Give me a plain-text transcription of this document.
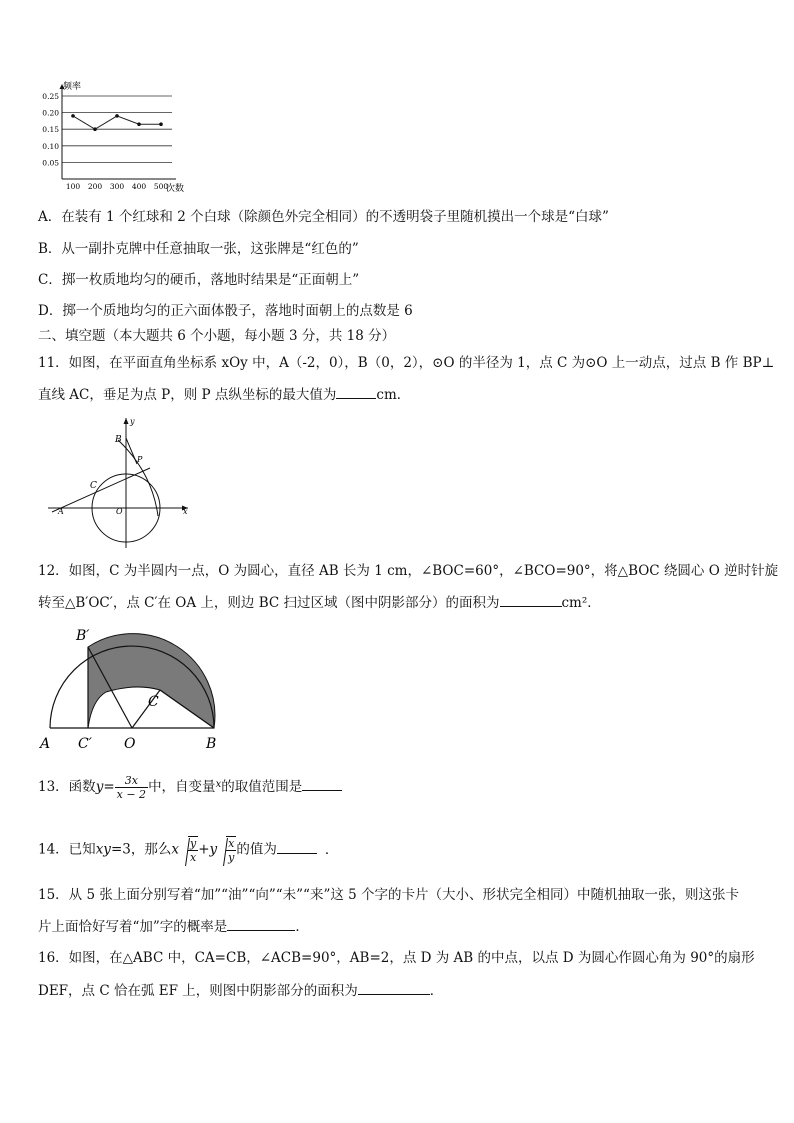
0.25
0.20
0.15
0.10
0.05
100 200 300 400 500
频率
次数
A．在装有 1 个红球和 2 个白球（除颜色外完全相同）的不透明袋子里随机摸出一个球是“白球”
B．从一副扑克牌中任意抽取一张，这张牌是“红色的”
C．掷一枚质地均匀的硬币，落地时结果是“正面朝上”
D．掷一个质地均匀的正六面体骰子，落地时面朝上的点数是 6
二、填空题（本大题共 6 个小题，每小题 3 分，共 18 分）
11．如图，在平面直角坐标系 xOy 中，A（-2，0），B（0，2），⊙O 的半径为 1，点 C 为⊙O 上一动点，过点 B 作 BP⊥
直线 AC，垂足为点 P，则 P 点纵坐标的最大值为	cm．
B
P
C
A	O	x
y
12．如图，C 为半圆内一点，O 为圆心，直径 AB 长为 1 cm，∠BOC=60°，∠BCO=90°，将△BOC 绕圆心 O 逆时针旋
转至△B′OC′，点 C′在 OA 上，则边 BC 扫过区域（图中阴影部分）的面积为	cm²．
B′
C
A C′ O	B
13．函数$y= \frac{3x}{x - 2}$ 中，自变量$^x$的取值范围是
14．已知xy=3，那么x $\frac{y}{x} +y \frac{x}{y}$ 的值为	．
15．从 5 张上面分别写着“加”“油”“向”“未”“来”这 5 个字的卡片（大小、形状完全相同）中随机抽取一张，则这张卡
片上面恰好写着“加”字的概率是	．
16．如图，在△ABC 中，CA=CB，∠ACB=90°，AB=2，点 D 为 AB 的中点，以点 D 为圆心作圆心角为 90°的扇形
DEF，点 C 恰在弧 EF 上，则图中阴影部分的面积为	．
